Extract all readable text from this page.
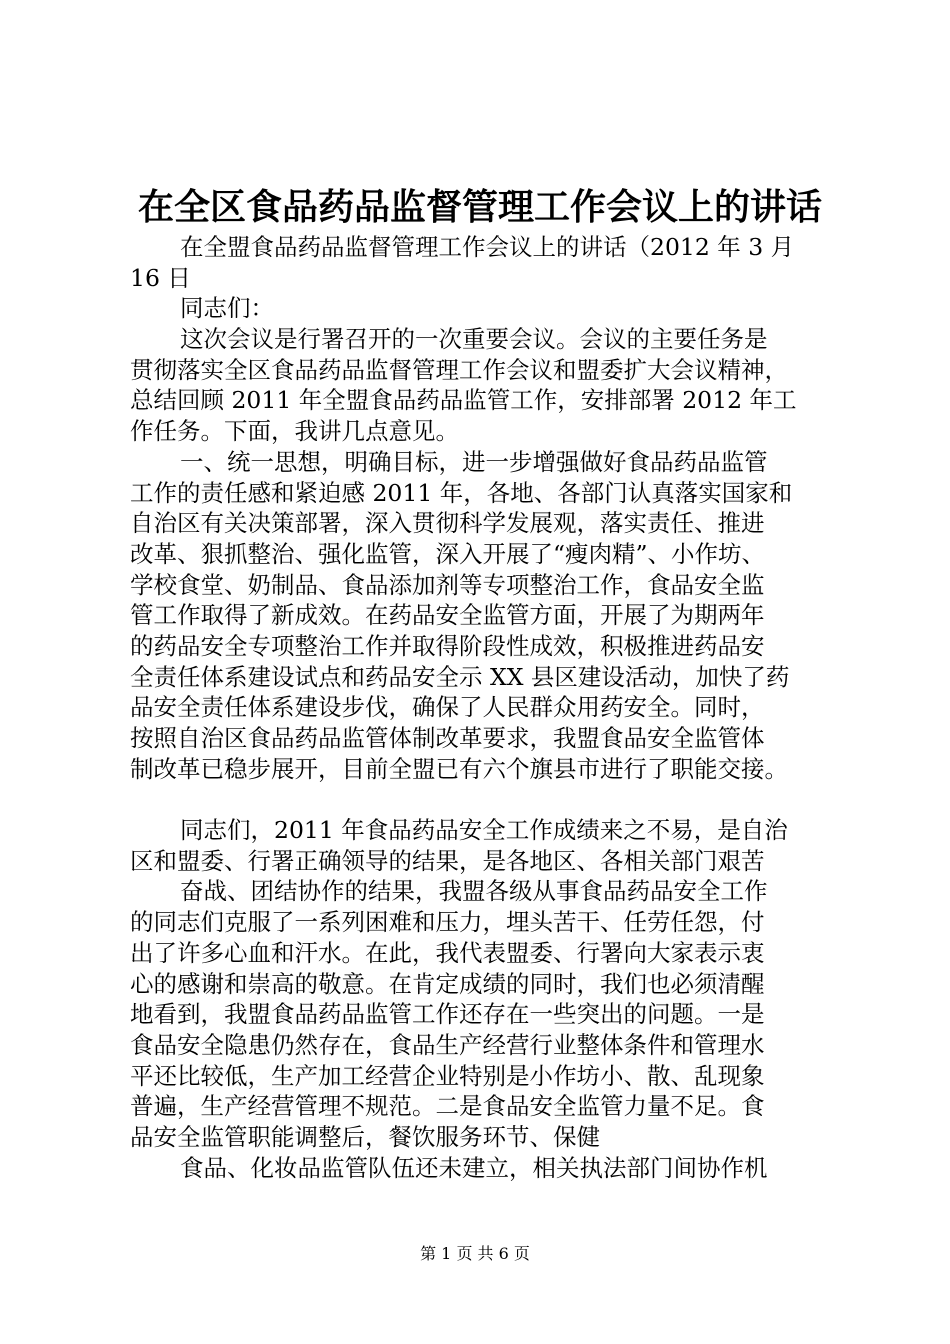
在全区食品药品监督管理工作会议上的讲话
在全盟食品药品监督管理工作会议上的讲话（2012 年 3 月
16 日
同志们：
这次会议是行署召开的一次重要会议。会议的主要任务是
贯彻落实全区食品药品监督管理工作会议和盟委扩大会议精神，
总结回顾 2011 年全盟食品药品监管工作，安排部署 2012 年工
作任务。下面，我讲几点意见。
一、统一思想，明确目标，进一步增强做好食品药品监管
工作的责任感和紧迫感 2011 年，各地、各部门认真落实国家和
自治区有关决策部署，深入贯彻科学发展观，落实责任、推进
改革、狠抓整治、强化监管，深入开展了“瘦肉精”、小作坊、
学校食堂、奶制品、食品添加剂等专项整治工作，食品安全监
管工作取得了新成效。在药品安全监管方面，开展了为期两年
的药品安全专项整治工作并取得阶段性成效，积极推进药品安
全责任体系建设试点和药品安全示 XX 县区建设活动，加快了药
品安全责任体系建设步伐，确保了人民群众用药安全。同时，
按照自治区食品药品监管体制改革要求，我盟食品安全监管体
制改革已稳步展开，目前全盟已有六个旗县市进行了职能交接。
同志们，2011 年食品药品安全工作成绩来之不易，是自治
区和盟委、行署正确领导的结果，是各地区、各相关部门艰苦
奋战、团结协作的结果，我盟各级从事食品药品安全工作
的同志们克服了一系列困难和压力，埋头苦干、任劳任怨，付
出了许多心血和汗水。在此，我代表盟委、行署向大家表示衷
心的感谢和崇高的敬意。在肯定成绩的同时，我们也必须清醒
地看到，我盟食品药品监管工作还存在一些突出的问题。一是
食品安全隐患仍然存在，食品生产经营行业整体条件和管理水
平还比较低，生产加工经营企业特别是小作坊小、散、乱现象
普遍，生产经营管理不规范。二是食品安全监管力量不足。食
品安全监管职能调整后，餐饮服务环节、保健
食品、化妆品监管队伍还未建立，相关执法部门间协作机
第 1 页 共 6 页
